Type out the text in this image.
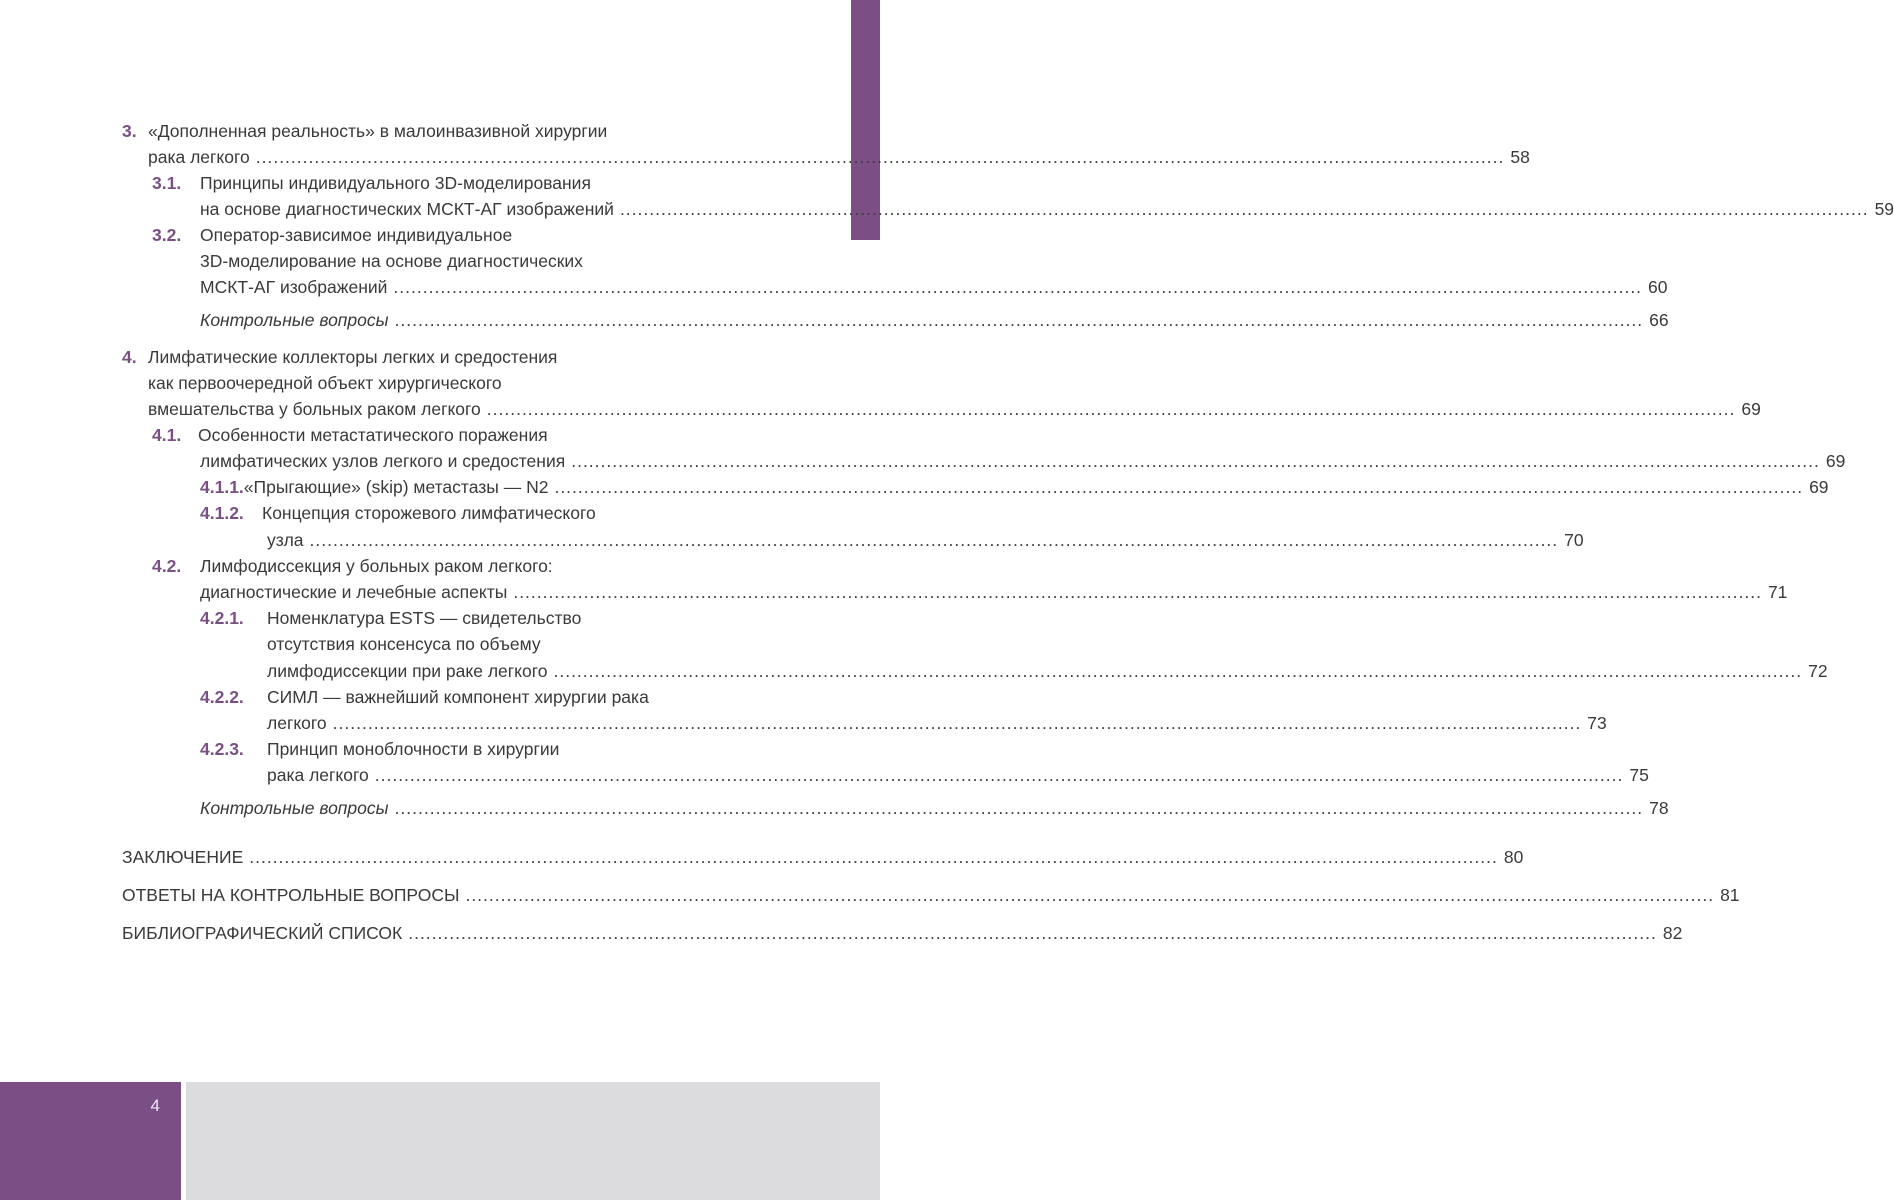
3. «Дополненная реальность» в малоинвазивной хирургии
рака легкого
.....	58
3.1.	Принципы индивидуального 3D-моделирования
на основе диагностических МСКТ-АГ изображений
.....	59
3.2.	Оператор-зависимое индивидуальное
3D-моделирование на основе диагностических
МСКТ-АГ изображений
.....	60
Контрольные вопросы
.....	66
4. Лимфатические коллекторы легких и средостения
как первоочередной объект хирургического
вмешательства у больных раком легкого
.....	69
4.1. Особенности метастатического поражения
лимфатических узлов легкого и средостения
.....	69
4.1.1. «Прыгающие» (skip) метастазы — N2
.....	69
4.1.2.	Концепция сторожевого лимфатического
узла
.....	70
4.2.	Лимфодиссекция у больных раком легкого:
диагностические и лечебные аспекты
.....	71
4.2.1.	Номенклатура ESTS — свидетельство
отсутствия консенсуса по объему
лимфодиссекции при раке легкого
.....	72
4.2.2.	СИМЛ — важнейший компонент хирургии рака
легкого
.....	73
4.2.3.	Принцип моноблочности в хирургии
рака легкого
.....	75
Контрольные вопросы
.....	78
ЗАКЛЮЧЕНИЕ
.....	80
ОТВЕТЫ НА КОНТРОЛЬНЫЕ ВОПРОСЫ
.....	81
БИБЛИОГРАФИЧЕСКИЙ СПИСОК
.....	82
4
